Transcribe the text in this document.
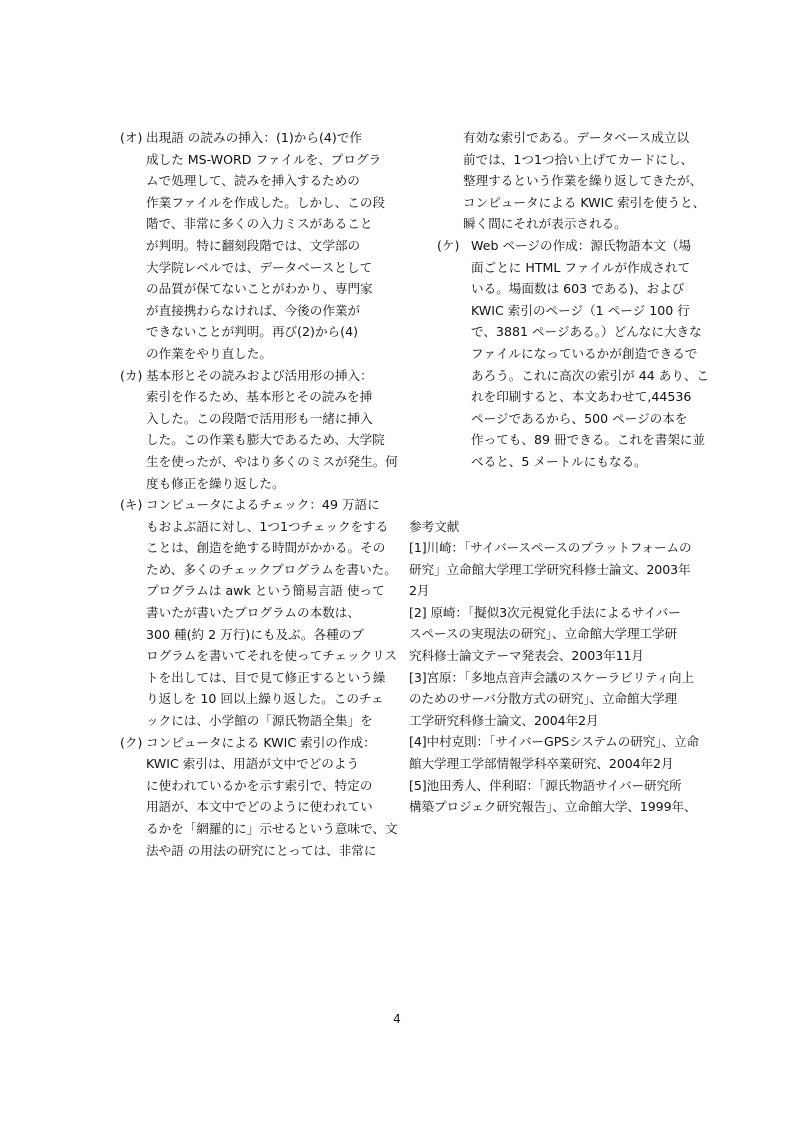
(オ) 出現語 の読みの挿入：(1)から(4)で作
成した MS-WORD ファイルを、プログラ
ムで処理して、読みを挿入するための
作業ファイルを作成した。しかし、この段
階で、非常に多くの入力ミスがあること
が判明。特に翻刻段階では、文学部の
大学院レベルでは、データベースとして
の品質が保てないことがわかり、専門家
が直接携わらなければ、今後の作業が
できないことが判明。再び(2)から(4)
の作業をやり直した。
(カ) 基本形とその読みおよび活用形の挿入：
索引を作るため、基本形とその読みを挿
入した。この段階で活用形も一緒に挿入
した。この作業も膨大であるため、大学院
生を使ったが、やはり多くのミスが発生。何
度も修正を繰り返した。
(キ) コンピュータによるチェック：49 万語に
もおよぶ語に対し、1つ1つチェックをする
ことは、創造を絶する時間がかかる。その
ため、多くのチェックプログラムを書いた。
プログラムは awk という簡易言語 使って
書いたが書いたプログラムの本数は、
300 種(約 2 万行)にも及ぶ。各種のプ
ログラムを書いてそれを使ってチェックリス
トを出しては、目で見て修正するという繰
り返しを 10 回以上繰り返した。このチェ
ックには、小学館の「源氏物語全集」を
(ク) コンピュータによる KWIC 索引の作成：
KWIC 索引は、用語が文中でどのよう
に使われているかを示す索引で、特定の
用語が、本文中でどのように使われてい
るかを「網羅的に」示せるという意味で、文
法や語 の用法の研究にとっては、非常に
有効な索引である。データベース成立以
前では、1つ1つ拾い上げてカードにし、
整理するという作業を繰り返してきたが、
コンピュータによる KWIC 索引を使うと、
瞬く間にそれが表示される。
(ケ) Web ページの作成：源氏物語本文（場
面ごとに HTML ファイルが作成されて
いる。場面数は 603 である)、および
KWIC 索引のページ（1 ページ 100 行
で、3881 ページある。）どんなに大きな
ファイルになっているかが創造できるで
あろう。これに高次の索引が 44 あり、こ
れを印刷すると、本文あわせて,44536
ページであるから、500 ページの本を
作っても、89 冊できる。これを書架に並
べると、5 メートルにもなる。
参考文献
[1]川崎：「サイバースペースのプラットフォームの
研究」立命館大学理工学研究科修士論文、2003年
2月
[2] 原崎：「擬似3次元視覚化手法によるサイバー
スペースの実現法の研究」、立命館大学理工学研
究科修士論文テーマ発表会、2003年11月
[3]宮原：「多地点音声会議のスケーラビリティ向上
のためのサーバ分散方式の研究」、立命館大学理
工学研究科修士論文、2004年2月
[4]中村克則：「サイバーGPSシステムの研究」、立命
館大学理工学部情報学科卒業研究、2004年2月
[5]池田秀人、伴利昭：「源氏物語サイバー研究所
構築プロジェク研究報告」、立命館大学、1999年、
4
